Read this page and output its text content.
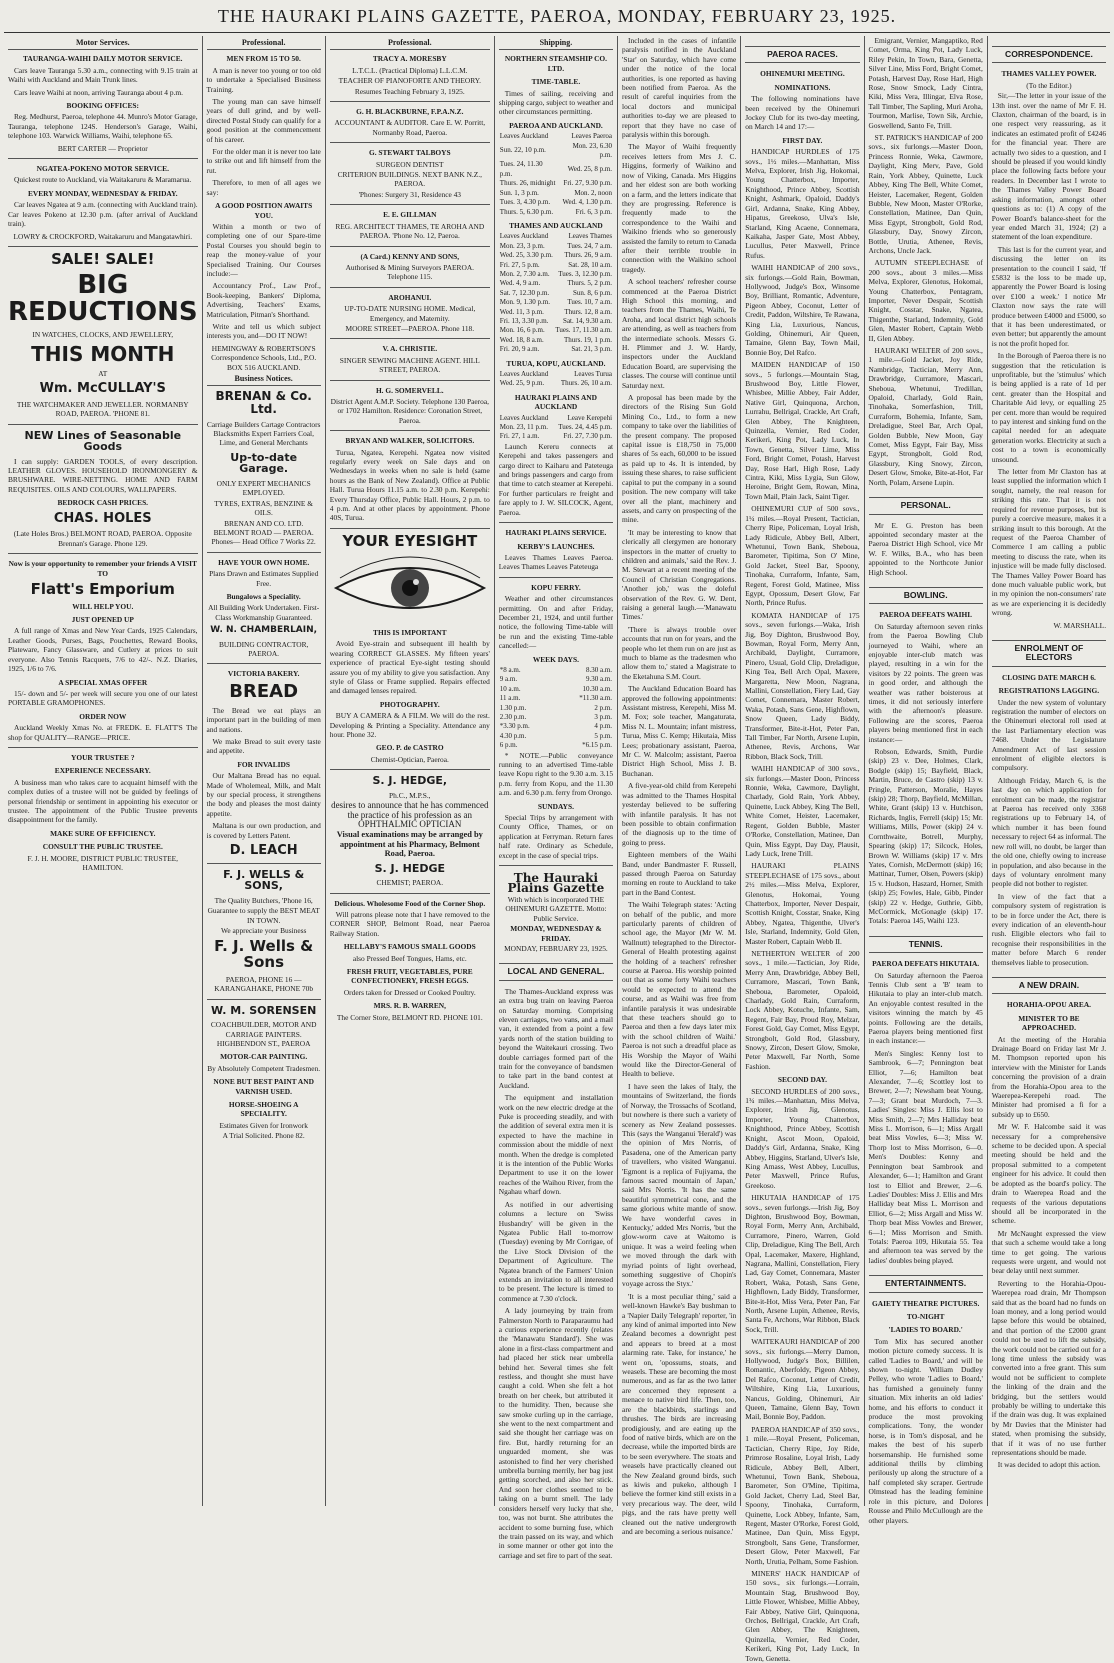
THE HAURAKI PLAINS GAZETTE, PAEROA, MONDAY, FEBRUARY 23, 1925.
Motor Services.
TAURANGA-WAIHI DAILY MOTOR SERVICE.

Cars leave Tauranga 5.30 a.m., connecting with 9.15 train at Waihi with Auckland and Main Trunk lines.

Cars leave Waihi at noon, arriving Tauranga about 4 p.m.

BOOKING OFFICES:

Reg. Medhurst, Paeroa, telephone 44. Munro's Motor Garage, Tauranga, telephone 124S. Henderson's Garage, Waihi, telephone 103. Warwick Williams, Waihi, telephone 65.

BERT CARTER — Proprietor
NGATEA-POKENO MOTOR SERVICE.

Quickest route to Auckland, via Waitakaruru & Maramarua.

EVERY MONDAY, WEDNESDAY & FRIDAY.

Car leaves Ngatea at 9 a.m. (connecting with Auckland train). Car leaves Pokeno at 12.30 p.m. (after arrival of Auckland train).

LOWRY & CROCKFORD, Waitakaruru and Mangatawhiri.
SALE! SALE!
BIG REDUCTIONS
IN WATCHES, CLOCKS, AND JEWELLERY,
THIS MONTH
AT
Wm. McCULLAY'S
THE WATCHMAKER AND JEWELLER. NORMANBY ROAD, PAEROA. 'PHONE 81.
NEW Lines of Seasonable Goods

I can supply: GARDEN TOOLS, of every description. LEATHER GLOVES. HOUSEHOLD IRONMONGERY & BRUSHWARE. WIRE-NETTING. HOME AND FARM REQUISITES. OILS AND COLOURS, WALLPAPERS.

BEDROCK CASH PRICES.
CHAS. HOLES
(Late Holes Bros.) BELMONT ROAD, PAEROA. Opposite Brennan's Garage. Phone 129.
Now is your opportunity to remember your friends A VISIT TO
Flatt's Emporium
WILL HELP YOU.
JUST OPENED UP

A full range of Xmas and New Year Cards, 1925 Calendars, Leather Goods, Purses, Bags, Pouchettes, Reward Books, Plateware, Fancy Glassware, and Cutlery at prices to suit everyone. Also Tennis Racquets, 7/6 to 42/-. N.Z. Diaries, 1925, 1/6 to 7/6.

A SPECIAL XMAS OFFER

15/- down and 5/- per week will secure you one of our latest PORTABLE GRAMOPHONES.

ORDER NOW

Auckland Weekly Xmas No. at FREDK. E. FLATT'S The shop for QUALITY—RANGE—PRICE.

YOUR TRUSTEE ?
EXPERIENCE NECESSARY.

A business man who takes care to acquaint himself with the complex duties of a trustee will not be guided by feelings of personal friendship or sentiment in appointing his executor or trustee. The appointment of the Public Trustee prevents disappointment for the family.

MAKE SURE OF EFFICIENCY.
CONSULT THE PUBLIC TRUSTEE.
F. J. H. MOORE, DISTRICT PUBLIC TRUSTEE, HAMILTON.
Professional.
MEN FROM 15 TO 50.

A man is never too young or too old to undertake a Specialised Business Training.

The young man can save himself years of dull grind, and by well-directed Postal Study can qualify for a good position at the commencement of his career.

For the older man it is never too late to strike out and lift himself from the rut.

Therefore, to men of all ages we say:

A GOOD POSITION AWAITS YOU.

Within a month or two of completing one of our Spare-time Postal Courses you should begin to reap the money-value of your Specialised Training. Our Courses include:—

Accountancy Prof., Law Prof., Book-keeping, Bankers' Diploma, Advertising, Teachers' Exams, Matriculation, Pitman's Shorthand.

Write and tell us which subject interests you, and—DO IT NOW!

HEMINGWAY & ROBERTSON'S Correspondence Schools, Ltd., P.O. BOX 516 AUCKLAND.
Business Notices.
BRENAN & Co. Ltd.
Carriage Builders Cartage Contractors Blacksmiths Expert Farriers Coal, Lime, and General Merchants
Up-to-date Garage.
ONLY EXPERT MECHANICS EMPLOYED.
TYRES, EXTRAS, BENZINE & OILS.
BRENAN AND CO. LTD. BELMONT ROAD — PAEROA. Phones— Head Office 7 Works 22.
HAVE YOUR OWN HOME.
Plans Drawn and Estimates Supplied Free.
Bungalows a Speciality.
All Building Work Undertaken. First-Class Workmanship Guaranteed.
W. N. CHAMBERLAIN,
BUILDING CONTRACTOR, PAEROA.
VICTORIA BAKERY.
BREAD

The Bread we eat plays an important part in the building of men and nations.

We make Bread to suit every taste and appetite.

FOR INVALIDS

Our Maltana Bread has no equal. Made of Wholemeal, Milk, and Malt by our special process, it strengthens the body and pleases the most dainty appetite.

Maltana is our own production, and is covered by Letters Patent.

D. LEACH
F. J. WELLS & SONS,
The Quality Butchers, 'Phone 16,
Guarantee to supply the BEST MEAT IN TOWN.
We appreciate your Business
F. J. Wells & Sons
PAEROA, PHONE 16 — KARANGAHAKE, PHONE 70b
W. M. SORENSEN
COACHBUILDER, MOTOR AND CARRIAGE PAINTERS. HIGHBENDON ST., PAEROA
MOTOR-CAR PAINTING.
By Absolutely Competent Tradesmen.
NONE BUT BEST PAINT AND VARNISH USED.
HORSE-SHOEING A SPECIALITY.
Estimates Given for Ironwork
A Trial Solicited. Phone 82.
Professional.
TRACY A. MORESBY
L.T.C.L. (Practical Diploma) L.L.C.M.
TEACHER OF PIANOFORTE AND THEORY.
Resumes Teaching February 3, 1925.
G. H. BLACKBURNE, F.P.A.N.Z.
ACCOUNTANT & AUDITOR. Care E. W. Porritt, Normanby Road, Paeroa.
G. STEWART TALBOYS
SURGEON DENTIST
CRITERION BUILDINGS. NEXT BANK N.Z., PAEROA.
'Phones: Surgery 31, Residence 43
E. E. GILLMAN
REG. ARCHITECT THAMES, TE AROHA AND PAEROA. 'Phone No. 12, Paeroa.
(A Card.) KENNY AND SONS,
Authorised & Mining Surveyors PAEROA. Telephone 115.
AROHANUI.
UP-TO-DATE NURSING HOME. Medical, Emergency, and Maternity.
MOORE STREET—PAEROA. Phone 118.
V. A. CHRISTIE.
SINGER SEWING MACHINE AGENT. HILL STREET, PAEROA.
H. G. SOMERVELL.
District Agent A.M.P. Society. Telephone 130 Paeroa, or 1702 Hamilton. Residence: Coronation Street, Paeroa.
BRYAN AND WALKER, SOLICITORS.

Turua, Ngatea, Kerepehi. Ngatea now visited regularly every week on Sale days and on Wednesdays in weeks when no sale is held (same hours as the Bank of New Zealand). Office at Public Hall. Turua Hours 11.15 a.m. to 2.30 p.m. Kerepehi: Every Thursday Office, Public Hall. Hours, 2 p.m. to 4 p.m. And at other places by appointment. Phone 40S, Turua.

YOUR EYESIGHT
THIS IS IMPORTANT

Avoid Eye-strain and subsequent ill health by wearing CORRECT GLASSES. My fifteen years' experience of practical Eye-sight testing should assure you of my ability to give you satisfaction. Any style of Glass or Frame supplied. Repairs effected and damaged lenses repaired.

PHOTOGRAPHY.

BUY A CAMERA & A FILM. We will do the rest. Developing & Printing a Speciality. Attendance any hour. Phone 32.

GEO. P. de CASTRO
Chemist-Optician, Paeroa.
S. J. HEDGE,
Ph.C., M.P.S.,
desires to announce that he has commenced the practice of his profession as an OPHTHALMIC OPTICIAN
Visual examinations may be arranged by appointment at his Pharmacy, Belmont Road, Paeroa.
S. J. HEDGE
CHEMIST; PAEROA.
Delicious. Wholesome Food of the Corner Shop.

Will patrons please note that I have removed to the CORNER SHOP, Belmont Road, near Paeroa Railway Station.

HELLABY'S FAMOUS SMALL GOODS
also Pressed Beef Tongues, Hams, etc.
FRESH FRUIT, VEGETABLES, PURE CONFECTIONERY, FRESH EGGS.
Orders taken for Dressed or Cooked Poultry.
MRS. R. B. WARREN,
The Corner Store, BELMONT RD. PHONE 101.
Shipping.
NORTHERN STEAMSHIP CO. LTD.
TIME-TABLE.

Times of sailing, receiving and shipping cargo, subject to weather and other circumstances permitting.

PAEROA AND AUCKLAND.
Leaves Auckland	Leaves Paeroa
Sun. 22, 10 p.m.	Mon. 23, 6.30 p.m.
Tues. 24, 11.30 p.m.	Wed. 25, 8 p.m.
Thurs. 26, midnight	Fri. 27, 9.30 p.m.
Sun. 1, 3 p.m.	Mon. 2, noon
Tues. 3, 4.30 p.m.	Wed. 4, 1.30 p.m.
Thurs. 5, 6.30 p.m.	Fri. 6, 3 p.m.
THAMES AND AUCKLAND
Leaves Auckland	Leaves Thames
Mon. 23, 3 p.m.	Tues. 24, 7 a.m.
Wed. 25, 3.30 p.m.	Thurs. 26, 9 a.m.
Fri. 27, 5 p.m.	Sat. 28, 10 a.m.
Mon. 2, 7.30 a.m.	Tues. 3, 12.30 p.m.
Wed. 4, 9 a.m.	Thurs. 5, 2 p.m.
Sat. 7, 12.30 p.m.	Sun. 8, 6 p.m.
Mon. 9, 1.30 p.m.	Tues. 10, 7 a.m.
Wed. 11, 3 p.m.	Thurs. 12, 8 a.m.
Fri. 13, 3.30 p.m.	Sat. 14, 9.30 a.m.
Mon. 16, 6 p.m.	Tues. 17, 11.30 a.m.
Wed. 18, 8 a.m.	Thurs. 19, 1 p.m.
Fri. 20, 9 a.m.	Sat. 21, 3 p.m.
TURUA, KOPU, AUCKLAND.
Leaves Auckland	Leaves Turua
Wed. 25, 9 p.m.	Thurs. 26, 10 a.m.
HAURAKI PLAINS AND AUCKLAND
Leaves Auckland	Leave Kerepehi
Mon. 23, 11 p.m.	Tues. 24, 4.45 p.m.
Fri. 27, 1 a.m.	Fri. 27, 7.30 p.m.

Launch Kereru connects at Kerepehi and takes passengers and cargo direct to Kaiharu and Pateteuga and brings passengers and cargo from that time to catch steamer at Kerepehi. For further particulars re freight and fare apply to J. W. SILCOCK, Agent, Paeroa.

HAURAKI PLAINS SERVICE.
KERBY'S LAUNCHES.

Leaves Thames Leaves Paeroa. Leaves Thames Leaves Pateteuga

KOPU FERRY.

Weather and other circumstances permitting. On and after Friday, December 21, 1924, and until further notice, the following Time-table will be run and the existing Time-table cancelled:—

WEEK DAYS.
*8 a.m.	8.30 a.m.
9 a.m.	9.30 a.m.
10 a.m.	10.30 a.m.
11 a.m.	*11.30 a.m.
1.30 p.m.	2 p.m.
2.30 p.m.	3 p.m.
*3.30 p.m.	4 p.m.
4.30 p.m.	5 p.m.
6 p.m.	*6.15 p.m.

* NOTE.—Public conveyance running to an advertised Time-table leave Kopu right to the 9.30 a.m. 3.15 p.m. ferry from Kopu, and the 11.30 a.m. and 6.30 p.m. ferry from Orongo.

SUNDAYS.

Special Trips by arrangement with County Office, Thames, or on application at Ferryman. Return fares half rate. Ordinary as Schedule, except in the case of special trips.

The Hauraki Plains Gazette
With which is incorporated THE OHINEMURI GAZETTE. Motto: Public Service.
MONDAY, WEDNESDAY & FRIDAY.
MONDAY, FEBRUARY 23, 1925.
LOCAL AND GENERAL.

The Thames-Auckland express was an extra bug train on leaving Paeroa on Saturday morning. Comprising eleven carriages, two vans, and a mail van, it extended from a point a few yards north of the station building to beyond the Waitekauri crossing. Two double carriages formed part of the train for the conveyance of bandsmen to take part in the band contest at Auckland.

The equipment and installation work on the new electric dredge at the Puke is proceeding steadily, and with the addition of several extra men it is expected to have the machine in commission about the middle of next month. When the dredge is completed it is the intention of the Public Works Department to use it on the lower reaches of the Waihou River, from the Ngahau wharf down.

As notified in our advertising columns a lecture on 'Swiss Husbandry' will be given in the Ngatea Public Hall to-morrow (Tuesday) evening by Mr Corrigae, of the Live Stock Division of the Department of Agriculture. The Ngatea branch of the Farmers' Union extends an invitation to all interested to be present. The lecture is timed to commence at 7.30 o'clock.

A lady journeying by train from Palmerston North to Paraparaumu had a curious experience recently (relates the 'Manawatu Standard'). She was alone in a first-class compartment and had placed her stick near umbrella behind her. Several times she felt restless, and thought she must have caught a cold. When she felt a hot breath on her cheek, but attributed it to the humidity. Then, because she saw smoke curling up in the carriage, she went to the next compartment and said she thought her carriage was on fire. But, hardly returning for an unguarded moment, she was astonished to find her very cherished umbrella burning merrily, her bag just getting scorched, and also her stick. And soon her clothes seemed to be taking on a burnt smell. The lady considers herself very lucky that she, too, was not burnt. She attributes the accident to some burning fuse, which the train passed on its way, and which in some manner or other got into the carriage and set fire to part of the seat.

Included in the cases of infantile paralysis notified in the Auckland 'Star' on Saturday, which have come under the notice of the local authorities, is one reported as having been notified from Paeroa. As the result of careful inquiries from the local doctors and municipal authorities to-day we are pleased to report that they have no case of paralysis within this borough.

The Mayor of Waihi frequently receives letters from Mrs J. C. Higgins, formerly of Waikino and now of Viking, Canada. Mrs Higgins and her eldest son are both working on a farm, and the letters indicate that they are progressing. Reference is frequently made to the correspondence to the Waihi and Waikino friends who so generously assisted the family to return to Canada after their terrible trouble in connection with the Waikino school tragedy.

A school teachers' refresher course commenced at the Paeroa District High School this morning, and teachers from the Thames, Waihi, Te Aroha, and local district high schools are attending, as well as teachers from the intermediate schools. Messrs G. H. Plimmer and J. W. Hardy, inspectors under the Auckland Education Board, are supervising the classes. The course will continue until Saturday next.

A proposal has been made by the directors of the Rising Sun Gold Mining Co., Ltd., to form a new company to take over the liabilities of the present company. The proposed capital issue is £18,750 in 75,000 shares of 5s each, 60,000 to be issued as paid up to 4s. It is intended, by issuing these shares, to raise sufficient capital to put the company in a sound position. The new company will take over all the plant, machinery and assets, and carry on prospecting of the mine.

'It may be interesting to know that clerically all clergymen are honorary inspectors in the matter of cruelty to children and animals,' said the Rev. J. M. Stewart at a recent meeting of the Council of Christian Congregations. 'Another job,' was the doleful observation of the Rev. G. W. Dent, raising a general laugh.—'Manawatu Times.'

'There is always trouble over accounts that run on for years, and the people who let them run on are just as much to blame as the tradesmen who allow them to,' stated a Magistrate to the Eketahuna S.M. Court.

The Auckland Education Board has approved the following appointments: Assistant mistress, Kerepehi, Miss M. M. Fox; sole teacher, Mangaturata, Miss N. L. Mountain; infant mistress, Turua, Miss C. Kemp; Hikutaia, Miss Lees; probationary assistant, Paeroa, Mr C. W. Malcolm; assistant, Paeroa District High School, Miss J. B. Buchanan.

A five-year-old child from Kerepehi was admitted to the Thames Hospital yesterday believed to be suffering with infantile paralysis. It has not been possible to obtain confirmation of the diagnosis up to the time of going to press.

Eighteen members of the Waihi Band, under Bandmaster F. Russell, passed through Paeroa on Saturday morning en route to Auckland to take part in the Band Contest.

The Waihi Telegraph states: 'Acting on behalf of the public, and more particularly parents of children of school age, the Mayor (Mr W. M. Wallnutt) telegraphed to the Director-General of Health protesting against the holding of a teachers' refresher course at Paeroa. His worship pointed out that as some forty Waihi teachers would be expected to attend the course, and as Waihi was free from infantile paralysis it was undesirable that these teachers should go to Paeroa and then a few days later mix with the school children of Waihi.' Paeroa is not such a dreadful place as His Worship the Mayor of Waihi would like the Director-General of Health to believe.

I have seen the lakes of Italy, the mountains of Switzerland, the fiords of Norway, the Trossachs of Scotland, but nowhere is there such a variety of scenery as New Zealand possesses. This (says the Wanganui 'Herald') was the opinion of Mrs Norris, of Pasadena, one of the American party of travellers, who visited Wanganui. 'Egmont is a replica of Fujiyama, the famous sacred mountain of Japan,' said Mrs Norris. 'It has the same beautiful symmetrical cone, and the same glorious white mantle of snow. We have wonderful caves in Kentucky,' added Mrs Norris, 'but the glow-worm cave at Waitomo is unique. It was a weird feeling when we moved through the dark with myriad points of light overhead, something suggestive of Chopin's voyage across the Styx.'

'It is a most peculiar thing,' said a well-known Hawke's Bay bushman to a 'Napier Daily Telegraph' reporter, 'in any kind of animal imported into New Zealand becomes a downright pest and appears to breed at a most alarming rate. Take, for instance,' he went on, 'opossums, stoats, and weasels. These are becoming the most numerous, and as far as the two latter are concerned they represent a menace to native bird life. Then, too, are the blackbirds, starlings and thrushes. The birds are increasing prodigiously, and are eating up the food of native birds, which are on the decrease, while the imported birds are to be seen everywhere. The stoats and weasels have practically cleaned out the New Zealand ground birds, such as kiwis and pukeko, although I believe the former kind still exists in a very precarious way. The deer, wild pigs, and the rats have pretty well cleaned out the native undergrowth and are becoming a serious nuisance.'

PAEROA RACES.
OHINEMURI MEETING.
NOMINATIONS.

The following nominations have been received by the Ohinemuri Jockey Club for its two-day meeting, on March 14 and 17:—

FIRST DAY.

HANDICAP HURDLES of 175 sovs., 1½ miles.—Manhattan, Miss Melva, Explorer, Irish Jig, Hokomai, Young Chatterbox, Importer, Knighthood, Prince Abbey, Scottish Knight, Ashmark, Opaloid, Daddy's Girl, Ardanna, Snake, King Abbey, Hipatus, Greekoso, Ulva's Isle, Starland, King Acaene, Connemara, Kaikaha, Jasper Gate, Most Abbey, Lucullus, Peter Maxwell, Prince Rufus.

WAIHI HANDICAP of 200 sovs., six furlongs.—Gold Rain, Bowman, Hollywood, Judge's Box, Winsome Boy, Brilliant, Romantic, Adventure, Pigeon Abbey, Coconut, Letter of Credit, Paddon, Wiltshire, Te Rawana, King Lia, Luxurious, Nancus, Golding, Ohinemuri, Air Queen, Tamaine, Glenn Bay, Town Mail, Bonnie Boy, Del Rafco.

MAIDEN HANDICAP of 150 sovs., 5 furlongs.—Mountain Stag, Brushwood Boy, Little Flower, Whisbee, Millie Abbey, Fair Adder, Native Girl, Quinquona, Archon, Lurrahu, Bellrigal, Crackle, Art Craft, Glen Abbey, The Knighteen, Quinzella, Vernier, Red Coder, Kerikeri, King Pot, Lady Luck, In Town, Genetta, Silver Lime, Miss Ford, Bright Comet, Potash, Harvest Day, Rose Harl, High Rose, Lady Cintra, Kiki, Miss Lygia, Sun Glow, Heroine, Bright Gem, Rowan, Mina, Town Mail, Plain Jack, Saint Tiger.

OHINEMURI CUP of 500 sovs., 1¼ miles.—Royal Present, Tactician, Cherry Ripe, Policeman, Loyal Irish, Lady Ridicule, Abbey Bell, Albert, Whetunui, Town Bank, Sheboua, Barometer, Tipitima, Son O' Mine, Gold Jacket, Steel Bar, Spoony, Tinohaka, Curraform, Infante, Sam, Regent, Forest Gold, Matinee, Miss Egypt, Opossum, Desert Glow, Far North, Prince Rufus.

KOMATA HANDICAP of 175 sovs., seven furlongs.—Waka, Irish Jig, Boy Dighton, Brushwood Boy, Bowman, Royal Form, Merry Ann, Archibald, Daylight, Curramore, Pinero, Usual, Gold Clip, Dreladigue, King Tea, Bell Arch Opal, Maxere, Margaretta, New Moon, Nagrana, Mallini, Constellation, Fiery Lad, Gay Comet, Connemara, Master Robert, Waka, Potash, Sans Gene, Highflown, Snow Queen, Lady Biddy, Transformer, Bite-it-Hot, Peter Pan, Tall Timber, Far North, Arsene Lupin, Athenee, Revis, Archons, War Ribbon, Black Sock, Trill.

WAIHI HANDICAP of 300 sovs., six furlongs.—Master Doon, Princess Ronnie, Weka, Cawmore, Daylight, Charlady, Gold Rain, York Abbey, Quinette, Luck Abbey, King The Bell, White Comet, Heister, Lacemaker, Regent, Golden Bubble, Master O'Rorke, Constellation, Matinee, Dan Quin, Miss Egypt, Day Day, Plausit, Lady Luck, Irene Trill.

HAURAKI PLAINS STEEPLECHASE of 175 sovs., about 2½ miles.—Miss Melva, Explorer, Glenotus, Hokomai, Young Chatterbox, Importer, Never Despair, Scottish Knight, Cosstar, Snake, King Abbey, Ngatea, Thigenthe, Ulver's Isle, Starland, Indemnity, Gold Glen, Master Robert, Captain Webb II.

NETHERTON WELTER of 200 sovs., 1 mile.—Tactician, Joy Ride, Merry Ann, Drawbridge, Abbey Bell, Curramore, Mascari, Town Bank, Sheboua, Barometer, Opaloid, Charlady, Gold Rain, Curraform, Lock Abbey, Kotuche, Infante, Sam, Regent, Fair Bay, Proud Roy, Melzar, Forest Gold, Gay Comet, Miss Egypt, Strongbolt, Gold Rod, Glassbury, Snowy, Zircon, Desert Glow, Smoke, Peter Maxwell, Far North, Some Fashion.

SECOND DAY.

SECOND HURDLES of 200 sovs., 1¾ miles.—Manhattan, Miss Melva, Explorer, Irish Jig, Glenotus, Importer, Young Chatterbox, Knighthood, Prince Abbey, Scottish Knight, Ascot Moon, Opaloid, Daddy's Girl, Ardanna, Snake, King Abbey, Higgins, Starland, Ulver's Isle, King Amass, West Abbey, Lucullus, Peter Maxwell, Prince Rufus, Greekoso.

HIKUTAIA HANDICAP of 175 sovs., seven furlongs.—Irish Jig, Boy Dighton, Brushwood Boy, Bowman, Royal Form, Merry Ann, Archibald, Curramore, Pinero, Warren, Gold Clip, Dreladigue, King The Bell, Arch Opal, Lacemaker, Maxere, Highland, Nagrana, Mallini, Constellation, Fiery Lad, Gay Comet, Connemara, Master Robert, Waka, Potash, Sans Gene, Highflown, Lady Biddy, Transformer, Bite-it-Hot, Miss Vera, Peter Pan, Far North, Arsene Lupin, Athenee, Revis, Santa Fe, Archons, War Ribbon, Black Sock, Trill.

WAITEKAURI HANDICAP of 200 sovs., six furlongs.—Merry Damon, Hollywood, Judge's Box, Billilen, Romantic, Aberfoldy, Pigeon Abbey, Del Rafco, Coconut, Letter of Credit, Wiltshire, King Lia, Luxurious, Nancus, Golding, Ohinemuri, Air Queen, Tamaine, Glenn Bay, Town Mail, Bonnie Boy, Paddon.

PAEROA HANDICAP of 350 sovs., 1 mile.—Royal Present, Policeman, Tactician, Cherry Ripe, Joy Ride, Primrose Rosaline, Loyal Irish, Lady Ridicule, Abbey Bell, Albert, Whetunui, Town Bank, Sheboua, Barometer, Son O'Mine, Tipitima, Gold Jacket, Cherry Lad, Steel Bar, Spoony, Tinohaka, Curraform, Quinette, Lock Abbey, Infante, Sam, Regent, Master O'Rorke, Forest Gold, Matinee, Dan Quin, Miss Egypt, Strongbolt, Sans Gene, Transformer, Desert Glow, Peter Maxwell, Far North, Urutia, Pelham, Some Fashion.

MINERS' HACK HANDICAP of 150 sovs., six furlongs.—Lorrain, Mountain Stag, Brushwood Boy, Little Flower, Whisbee, Millie Abbey, Fair Abbey, Native Girl, Quinquona, Orchos, Bellrigal, Crackle, Art Craft, Glen Abbey, The Knighteen, Quinzella, Vernier, Red Coder, Kerikeri, King Pot, Lady Luck, In Town, Genetta.

Emigrant, Vernier, Mangaptiko, Red Comet, Orma, King Pot, Lady Luck, Riley Pekin, In Town, Bara, Genetta, Silver Line, Miss Ford, Bright Comet, Potash, Harvest Day, Rose Harl, High Rose, Snow Smock, Lady Cintra, Kiki, Miss Vera, Illingar, Elva Rose, Tall Timber, The Sapling, Muri Aroha, Tourmon, Marlise, Town Sik, Archie, Goswellend, Santo Fe, Trill.

ST. PATRICK'S HANDICAP of 200 sovs., six furlongs.—Master Doon, Princess Ronnie, Weka, Cawmore, Daylight, King Merv, Pave, Gold Rain, York Abbey, Quinette, Luck Abbey, King The Bell, White Comet, Heister, Lacemaker, Regent, Golden Bubble, New Moon, Master O'Rorke, Constellation, Matinee, Dan Quin, Miss Egypt, Strongbolt, Gold Rod, Glassbury, Day, Snowy Zircon, Bottle, Urutia, Athenee, Revis, Archons, Uncle Jack.

AUTUMN STEEPLECHASE of 200 sovs., about 3 miles.—Miss Melva, Explorer, Glenotus, Hokomai, Young Chatterbox, Pentagram, Importer, Never Despair, Scottish Knight, Cosstar, Snake, Ngatea, Thigenthe, Starland, Indemnity, Gold Glen, Master Robert, Captain Webb II, Glen Abbey.

HAURAKI WELTER of 200 sovs., 1 mile.—Gold Jacket, Joy Ride, Nambridge, Tactician, Merry Ann, Drawbridge, Curramore, Mascari, Sheboua, Whetunui, Tredillan, Opaloid, Charlady, Gold Rain, Tinohaka, Somerfashion, Trill, Curraform, Bohemia, Infante, Sam, Dreladigue, Steel Bar, Arch Opal, Golden Bubble, New Moon, Gay Comet, Miss Egypt, Fair Bay, Miss Egypt, Strongbolt, Gold Rod, Glassbury, King Snowy, Zircon, Desert Glow, Smoke, Bite-at-Hot, Far North, Polam, Arsene Lupin.

PERSONAL.

Mr E. G. Preston has been appointed secondary master at the Paeroa District High School, vice Mr W. F. Wilks, B.A., who has been appointed to the Northcote Junior High School.

BOWLING.
PAEROA DEFEATS WAIHI.

On Saturday afternoon seven rinks from the Paeroa Bowling Club journeyed to Waihi, where an enjoyable inter-club match was played, resulting in a win for the visitors by 22 points. The green was in good order, and although the weather was rather boisterous at times, it did not seriously interfere with the afternoon's pleasure. Following are the scores, Paeroa players being mentioned first in each instance:—

Robson, Edwards, Smith, Purdie (skip) 23 v. Dee, Holmes, Clark, Bodgle (skip) 15; Bayfield, Black, Martin, Bruce, de Castro (skip) 13 v. Pringle, Patterson, Moralie, Hayes (skip) 28; Thorp, Bayfield, McMillan, White, Grant (skip) 13 v. Hutchison, Richards, Inglis, Ferrell (skip) 15; Mr. Williams, Mills, Power (skip) 24 v. Cornthwaite, Botrell, Murphy, Spearing (skip) 17; Silcock, Holes, Brown W. Williams (skip) 17 v. Mrs Yates, Cornish, McDermott (skip) 16; Mattinar, Turner, Olsen, Powers (skip) 15 v. Hudson, Haszard, Horner, Smith (skip) 25; Fowles, Hale, Gibb, Pinder (skip) 22 v. Hedge, Guthrie, Gibb, McCormick, McGonagle (skip) 17. Totals: Paeroa 145, Waihi 123.

TENNIS.
PAEROA DEFEATS HIKUTAIA.

On Saturday afternoon the Paeroa Tennis Club sent a 'B' team to Hikutaia to play an inter-club match. An enjoyable contest resulted in the visitors winning the match by 45 points. Following are the details, Paeroa players being mentioned first in each instance:—

Men's Singles: Kenny lost to Sambrook, 6—7; Pennington beat Elliot, 7—6; Hamilton beat Alexander, 7—6; Scottley lost to Brewer, 2—7; Newsham beat Young, 7—3; Grant beat Murdoch, 7—3. Ladies' Singles: Miss J. Ellis lost to Miss Smith, 2—7; Mrs Halliday beat Miss L. Morrison, 6—1; Miss Argall beat Miss Vowles, 6—3; Miss W. Thorp lost to Miss Morrison, 6—0. Men's Doubles: Kenny and Pennington beat Sambrook and Alexander, 6—1; Hamilton and Grant lost to Elliot and Brewer, 2—6. Ladies' Doubles: Miss J. Ellis and Mrs Halliday beat Miss L. Morrison and Elliot, 6—2; Miss Argall and Miss W. Thorp beat Miss Vowles and Brewer, 6—1; Miss Morrison and Smith. Totals: Paeroa 109, Hikutaia 55. Tea and afternoon tea was served by the ladies' doubles being played.

ENTERTAINMENTS.
GAIETY THEATRE PICTURES.
TO-NIGHT
'LADIES TO BOARD.'

Tom Mix has secured another motion picture comedy success. It is called 'Ladies to Board,' and will be shown to-night. William Dudley Pelley, who wrote 'Ladies to Board,' has furnished a genuinely funny situation. Mix inherits an old ladies' home, and his efforts to conduct it produce the most provoking complications. Tony, the wonder horse, is in Tom's disposal, and he makes the best of his superb horsemanship. He furnished some additional thrills by climbing perilously up along the structure of a half completed sky scraper. Gertrude Olmstead has the leading feminine role in this picture, and Dolores Rousse and Philo McCullough are the other players.

CORRESPONDENCE.
THAMES VALLEY POWER.
(To the Editor.)

Sir,—The letter in your issue of the 13th inst. over the name of Mr F. H. Claxton, chairman of the board, is in one respect very reassuring, as it indicates an estimated profit of £4246 for the financial year. There are actually two sides to a question, and I should be pleased if you would kindly place the following facts before your readers. In December last I wrote to the Thames Valley Power Board asking information, amongst other questions as to: (1) A copy of the Power Board's balance-sheet for the year ended March 31, 1924; (2) a statement of the loan expenditure.

This last is for the current year, and discussing the letter on its presentation to the council I said, 'If £5832 is the loss to be made up, apparently the Power Board is losing over £100 a week.' I notice Mr Claxton now says the rate will produce between £4000 and £5000, so that it has been underestimated, or even better; but apparently the amount is not the profit hoped for.

In the Borough of Paeroa there is no suggestion that the reticulation is unprofitable, but the 'stimulus' which is being applied is a rate of 1d per cent. greater than the Hospital and Charitable Aid levy, or equalling 25 per cent. more than would be required to pay interest and sinking fund on the capital needed for an adequate generation works. Electricity at such a cost to a town is economically unsound.

The letter from Mr Claxton has at least supplied the information which I sought, namely, the real reason for striking this rate. That it is not required for revenue purposes, but is purely a coercive measure, makes it a striking insult to this borough. At the request of the Paeroa Chamber of Commerce I am calling a public meeting to discuss the rate, when its injustice will be made fully disclosed. The Thames Valley Power Board has done much valuable public work, but in my opinion the non-consumers' rate as we are experiencing it is decidedly wrong.

W. MARSHALL.
ENROLMENT OF ELECTORS
CLOSING DATE MARCH 6.
REGISTRATIONS LAGGING.

Under the new system of voluntary registration the number of electors on the Ohinemuri electoral roll used at the last Parliamentary election was 7468. Under the Legislature Amendment Act of last session enrolment of eligible electors is compulsory.

Although Friday, March 6, is the last day on which application for enrolment can be made, the registrar at Paeroa has received only 3368 registrations up to February 14, of which number it has been found necessary to reject 64 as informal. The new roll will, no doubt, be larger than the old one, chiefly owing to increase in population, and also because in the days of voluntary enrolment many people did not bother to register.

In view of the fact that a compulsory system of registration is to be in force under the Act, there is every indication of an eleventh-hour rush. Eligible electors who fail to recognise their responsibilities in the matter before March 6 render themselves liable to prosecution.

A NEW DRAIN.
HORAHIA-OPOU AREA.
MINISTER TO BE APPROACHED.

At the meeting of the Horahia Drainage Board on Friday last Mr J. M. Thompson reported upon his interview with the Minister for Lands concerning the provision of a drain from the Horahia-Opou area to the Waerepea-Kerepehi road. The Minister had promised a fi for a subsidy up to £650.

Mr W. F. Halcombe said it was necessary for a comprehensive scheme to be decided upon. A special meeting should be held and the proposal submitted to a competent engineer for his advice. It could then be adopted as the board's policy. The drain to Waerepea Road and the requests of the various deputations should all be incorporated in the scheme.

Mr McNaught expressed the view that such a scheme would take a long time to get going. The various requests were urgent, and would not bear delay until next summer.

Reverting to the Horahia-Opou-Waerepea road drain, Mr Thompson said that as the board had no funds on loan money, and a long period would lapse before this would be obtained, and that portion of the £2000 grant could not be used to lift the subsidy, the work could not be carried out for a long time unless the subsidy was converted into a free grant. This sum would not be sufficient to complete the linking of the drain and the bridging, but the settlers would probably be willing to undertake this if the drain was dug. It was explained by Mr Davies that the Minister had stated, when promising the subsidy, that if it was of no use further representations should be made.

It was decided to adopt this action.
